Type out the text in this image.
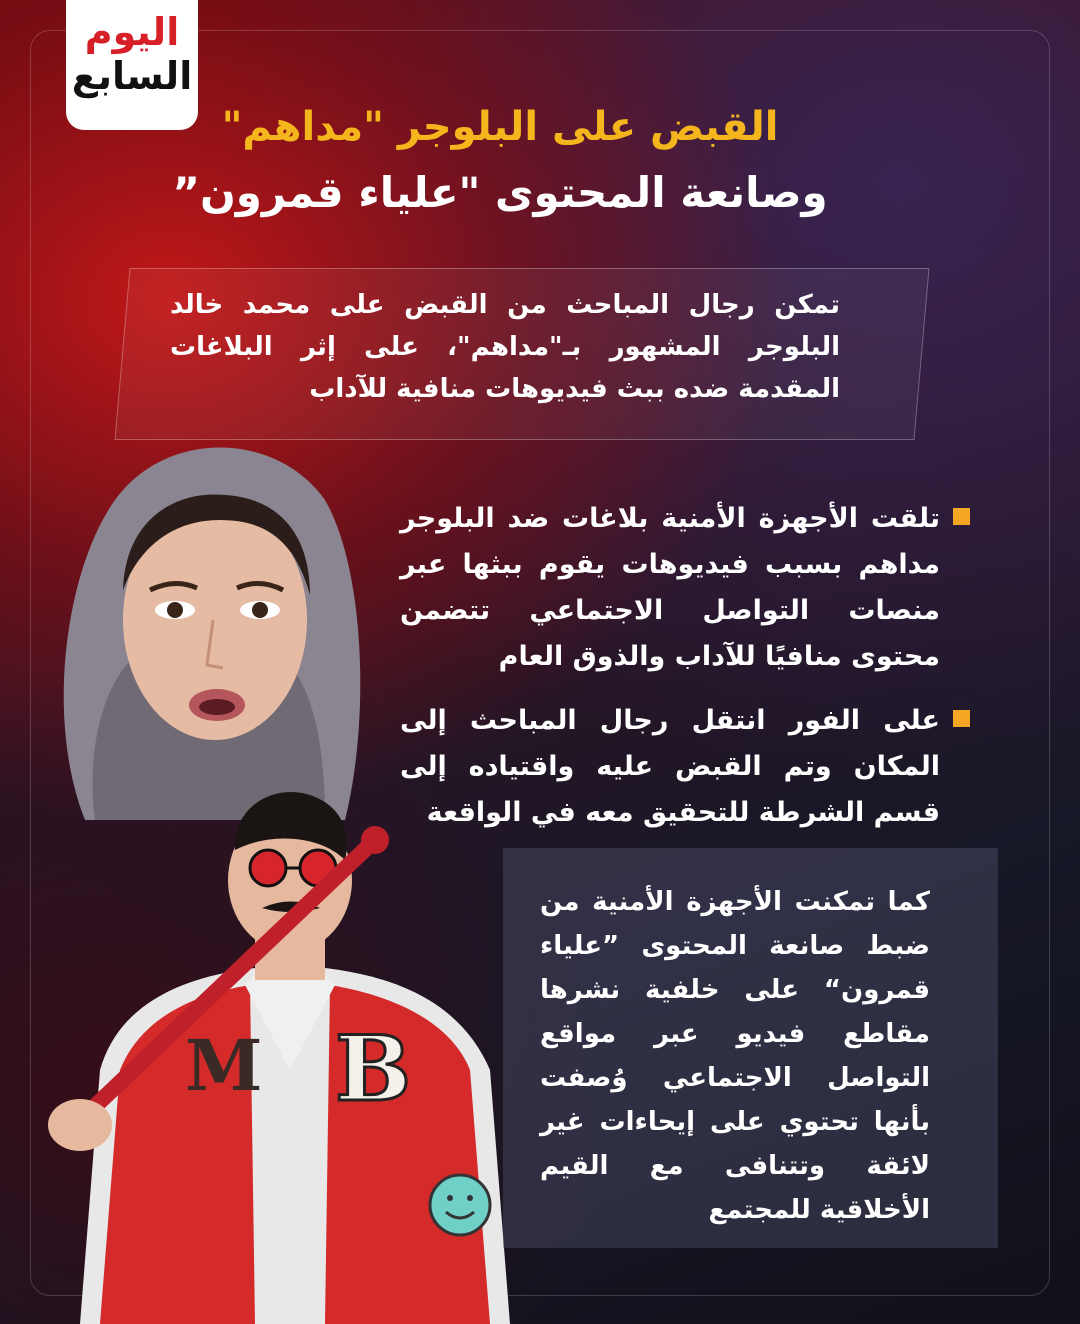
اليوم
السابع
القبض على البلوجر "مداهم"
وصانعة المحتوى "علياء قمرون”
تمكن رجال المباحث من القبض على محمد خالد البلوجر المشهور بـ"مداهم"، على إثر البلاغات المقدمة ضده ببث فيديوهات منافية للآداب
M B
تلقت الأجهزة الأمنية بلاغات ضد البلوجر مداهم بسبب فيديوهات يقوم ببثها عبر منصات التواصل الاجتماعي تتضمن محتوى منافيًا للآداب والذوق العام
على الفور انتقل رجال المباحث إلى المكان وتم القبض عليه واقتياده إلى قسم الشرطة للتحقيق معه في الواقعة
كما تمكنت الأجهزة الأمنية من ضبط صانعة المحتوى ”علياء قمرون“ على خلفية نشرها مقاطع فيديو عبر مواقع التواصل الاجتماعي وُصفت بأنها تحتوي على إيحاءات غير لائقة وتتنافى مع القيم الأخلاقية للمجتمع
